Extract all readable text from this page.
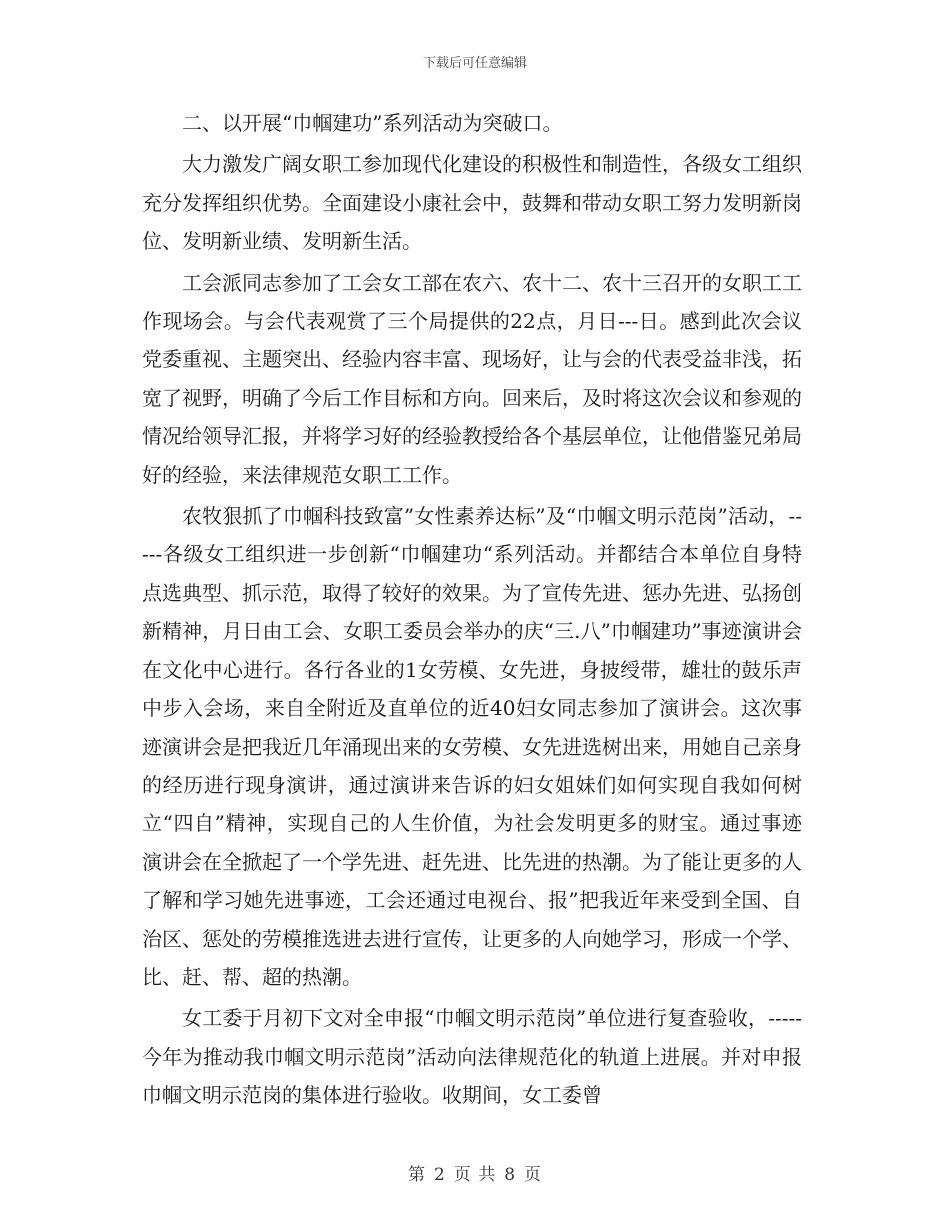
下载后可任意编辑

二、以开展“巾帼建功”系列活动为突破口。

大力激发广阔女职工参加现代化建设的积极性和制造性，各级女工组织充分发挥组织优势。全面建设小康社会中，鼓舞和带动女职工努力发明新岗位、发明新业绩、发明新生活。

工会派同志参加了工会女工部在农六、农十二、农十三召开的女职工工作现场会。与会代表观赏了三个局提供的22点，月日---日。感到此次会议党委重视、主题突出、经验内容丰富、现场好，让与会的代表受益非浅，拓宽了视野，明确了今后工作目标和方向。回来后，及时将这次会议和参观的情况给领导汇报，并将学习好的经验教授给各个基层单位，让他借鉴兄弟局好的经验，来法律规范女职工工作。

农牧狠抓了巾帼科技致富”女性素养达标”及“巾帼文明示范岗”活动，-----各级女工组织进一步创新“巾帼建功“系列活动。并都结合本单位自身特点选典型、抓示范，取得了较好的效果。为了宣传先进、惩办先进、弘扬创新精神，月日由工会、女职工委员会举办的庆“三.八”巾帼建功”事迹演讲会在文化中心进行。各行各业的1女劳模、女先进，身披绶带，雄壮的鼓乐声中步入会场，来自全附近及直单位的近40妇女同志参加了演讲会。这次事迹演讲会是把我近几年涌现出来的女劳模、女先进选树出来，用她自己亲身的经历进行现身演讲，通过演讲来告诉的妇女姐妹们如何实现自我如何树立“四自”精神，实现自己的人生价值，为社会发明更多的财宝。通过事迹演讲会在全掀起了一个学先进、赶先进、比先进的热潮。为了能让更多的人了解和学习她先进事迹，工会还通过电视台、报”把我近年来受到全国、自治区、惩处的劳模推选进去进行宣传，让更多的人向她学习，形成一个学、比、赶、帮、超的热潮。

女工委于月初下文对全申报“巾帼文明示范岗”单位进行复查验收，-----今年为推动我巾帼文明示范岗”活动向法律规范化的轨道上进展。并对申报巾帼文明示范岗的集体进行验收。收期间，女工委曾

第 2 页 共 8 页
